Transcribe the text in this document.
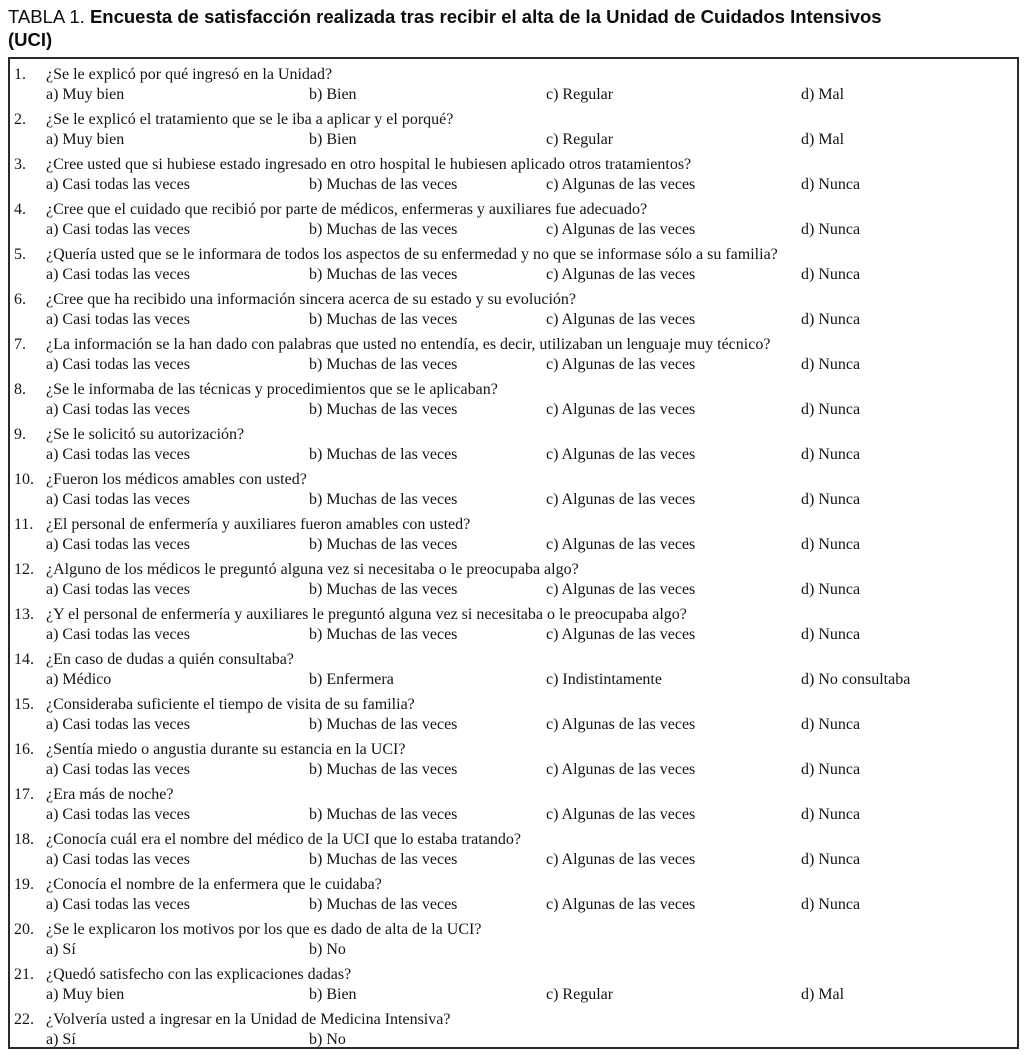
TABLA 1. Encuesta de satisfacción realizada tras recibir el alta de la Unidad de Cuidados Intensivos (UCI)
1.	¿Se le explicó por qué ingresó en la Unidad?
a) Muy bien	b) Bien	c) Regular	d) Mal
2.	¿Se le explicó el tratamiento que se le iba a aplicar y el porqué?
a) Muy bien	b) Bien	c) Regular	d) Mal
3.	¿Cree usted que si hubiese estado ingresado en otro hospital le hubiesen aplicado otros tratamientos?
a) Casi todas las veces	b) Muchas de las veces	c) Algunas de las veces	d) Nunca
4.	¿Cree que el cuidado que recibió por parte de médicos, enfermeras y auxiliares fue adecuado?
a) Casi todas las veces	b) Muchas de las veces	c) Algunas de las veces	d) Nunca
5.	¿Quería usted que se le informara de todos los aspectos de su enfermedad y no que se informase sólo a su familia?
a) Casi todas las veces	b) Muchas de las veces	c) Algunas de las veces	d) Nunca
6.	¿Cree que ha recibido una información sincera acerca de su estado y su evolución?
a) Casi todas las veces	b) Muchas de las veces	c) Algunas de las veces	d) Nunca
7.	¿La información se la han dado con palabras que usted no entendía, es decir, utilizaban un lenguaje muy técnico?
a) Casi todas las veces	b) Muchas de las veces	c) Algunas de las veces	d) Nunca
8.	¿Se le informaba de las técnicas y procedimientos que se le aplicaban?
a) Casi todas las veces	b) Muchas de las veces	c) Algunas de las veces	d) Nunca
9.	¿Se le solicitó su autorización?
a) Casi todas las veces	b) Muchas de las veces	c) Algunas de las veces	d) Nunca
10. ¿Fueron los médicos amables con usted?
a) Casi todas las veces	b) Muchas de las veces	c) Algunas de las veces	d) Nunca
11. ¿El personal de enfermería y auxiliares fueron amables con usted?
a) Casi todas las veces	b) Muchas de las veces	c) Algunas de las veces	d) Nunca
12. ¿Alguno de los médicos le preguntó alguna vez si necesitaba o le preocupaba algo?
a) Casi todas las veces	b) Muchas de las veces	c) Algunas de las veces	d) Nunca
13. ¿Y el personal de enfermería y auxiliares le preguntó alguna vez si necesitaba o le preocupaba algo?
a) Casi todas las veces	b) Muchas de las veces	c) Algunas de las veces	d) Nunca
14. ¿En caso de dudas a quién consultaba?
a) Médico	b) Enfermera	c) Indistintamente	d) No consultaba
15. ¿Consideraba suficiente el tiempo de visita de su familia?
a) Casi todas las veces	b) Muchas de las veces	c) Algunas de las veces	d) Nunca
16. ¿Sentía miedo o angustia durante su estancia en la UCI?
a) Casi todas las veces	b) Muchas de las veces	c) Algunas de las veces	d) Nunca
17. ¿Era más de noche?
a) Casi todas las veces	b) Muchas de las veces	c) Algunas de las veces	d) Nunca
18. ¿Conocía cuál era el nombre del médico de la UCI que lo estaba tratando?
a) Casi todas las veces	b) Muchas de las veces	c) Algunas de las veces	d) Nunca
19. ¿Conocía el nombre de la enfermera que le cuidaba?
a) Casi todas las veces	b) Muchas de las veces	c) Algunas de las veces	d) Nunca
20. ¿Se le explicaron los motivos por los que es dado de alta de la UCI?
a) Sí	b) No
21. ¿Quedó satisfecho con las explicaciones dadas?
a) Muy bien	b) Bien	c) Regular	d) Mal
22. ¿Volvería usted a ingresar en la Unidad de Medicina Intensiva?
a) Sí	b) No
